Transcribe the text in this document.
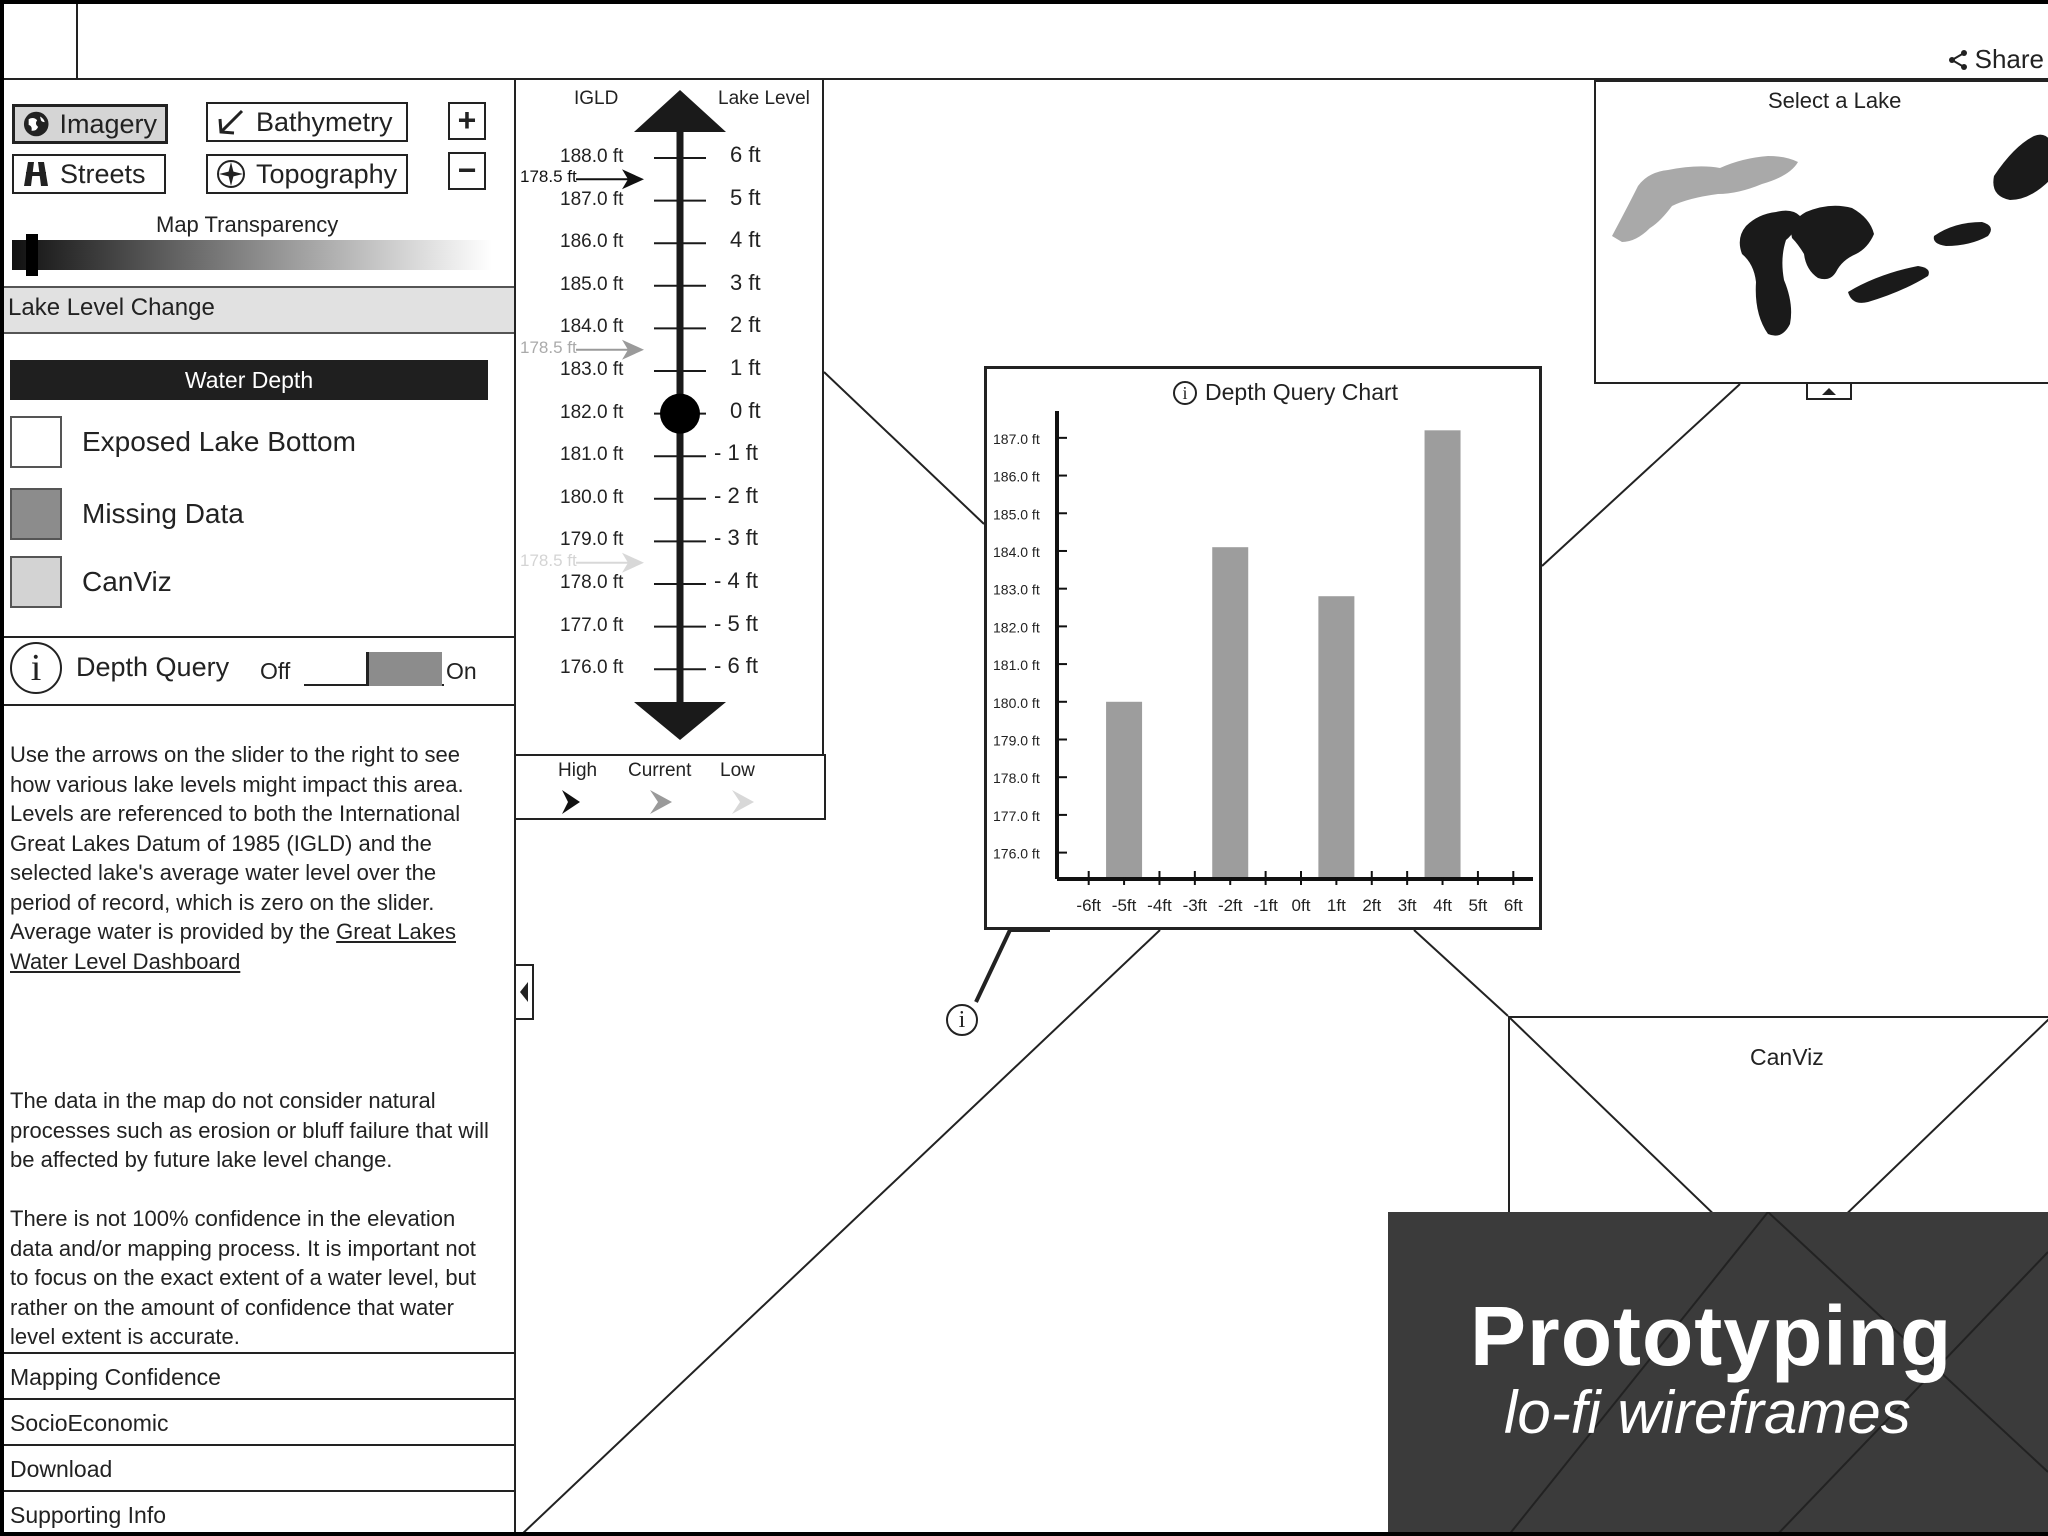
Share
Imagery	Bathymetry
Streets	Topography
+
−
Map Transparency
Lake Level Change
Water Depth
Exposed Lake Bottom
Missing Data
CanViz
i	Depth Query Off	On
Use the arrows on the slider to the right to see how various lake levels might impact this area. Levels are referenced to both the International Great Lakes Datum of 1985 (IGLD) and the selected lake's average water level over the period of record, which is zero on the slider. Average water is provided by the Great Lakes Water Level Dashboard
The data in the map do not consider natural processes such as erosion or bluff failure that will be affected by future lake level change.
There is not 100% confidence in the elevation data and/or mapping process. It is important not to focus on the exact extent of a water level, but rather on the amount of confidence that water level extent is accurate.
Mapping Confidence
SocioEconomic
Download
Supporting Info
IGLD	Lake Level
188.0 ft	6 ft
187.0 ft	5 ft
186.0 ft	4 ft
185.0 ft	3 ft
184.0 ft	2 ft
183.0 ft	1 ft
182.0 ft	0 ft
181.0 ft	- 1 ft
180.0 ft	- 2 ft
179.0 ft	- 3 ft
178.0 ft	- 4 ft
177.0 ft	- 5 ft
176.0 ft	- 6 ft
178.5 ft
178.5 ft
178.5 ft
High Current Low
i
i Depth Query Chart
187.0 ft
186.0 ft
185.0 ft
184.0 ft
183.0 ft
182.0 ft
181.0 ft
180.0 ft
179.0 ft
178.0 ft
177.0 ft
176.0 ft
-6ft -5ft -4ft -3ft -2ft -1ft 0ft 1ft 2ft 3ft 4ft 5ft 6ft
Select a Lake
CanViz
Prototyping
lo-fi wireframes
